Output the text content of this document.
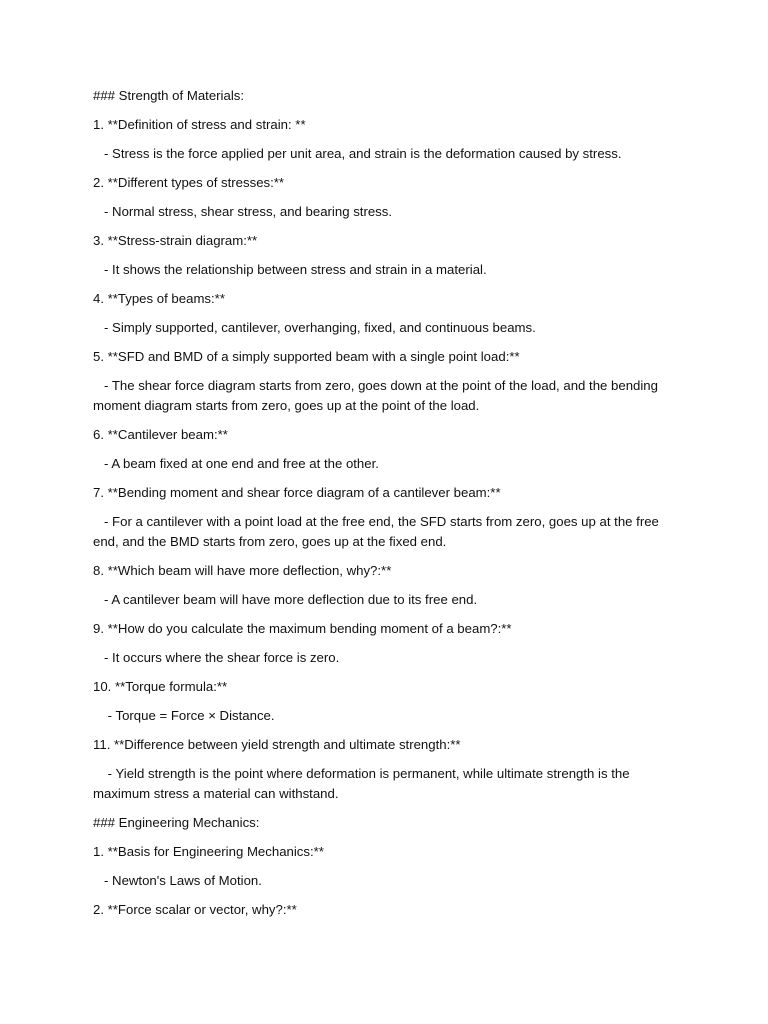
### Strength of Materials:

1. **Definition of stress and strain: **

- Stress is the force applied per unit area, and strain is the deformation caused by stress.

2. **Different types of stresses:**

- Normal stress, shear stress, and bearing stress.

3. **Stress-strain diagram:**

- It shows the relationship between stress and strain in a material.

4. **Types of beams:**

- Simply supported, cantilever, overhanging, fixed, and continuous beams.

5. **SFD and BMD of a simply supported beam with a single point load:**

- The shear force diagram starts from zero, goes down at the point of the load, and the bending moment diagram starts from zero, goes up at the point of the load.

6. **Cantilever beam:**

- A beam fixed at one end and free at the other.

7. **Bending moment and shear force diagram of a cantilever beam:**

- For a cantilever with a point load at the free end, the SFD starts from zero, goes up at the free end, and the BMD starts from zero, goes up at the fixed end.

8. **Which beam will have more deflection, why?:**

- A cantilever beam will have more deflection due to its free end.

9. **How do you calculate the maximum bending moment of a beam?:**

- It occurs where the shear force is zero.

10. **Torque formula:**

- Torque = Force × Distance.

11. **Difference between yield strength and ultimate strength:**

- Yield strength is the point where deformation is permanent, while ultimate strength is the maximum stress a material can withstand.

### Engineering Mechanics:

1. **Basis for Engineering Mechanics:**

- Newton's Laws of Motion.

2. **Force scalar or vector, why?:**
